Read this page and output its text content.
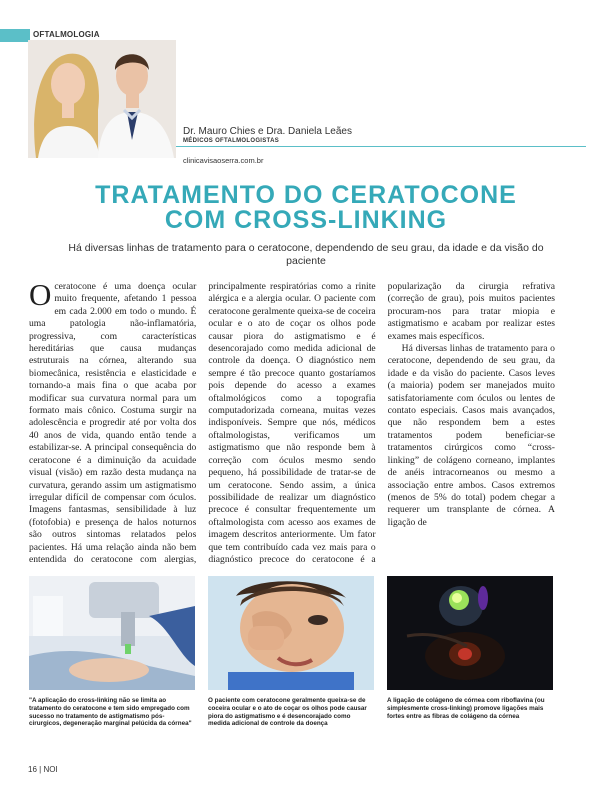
OFTALMOLOGIA
Dr. Mauro Chies e Dra. Daniela Leães
MÉDICOS OFTALMOLOGISTAS
clinicavisaoserra.com.br
TRATAMENTO DO CERATOCONE
COM CROSS-LINKING

Há diversas linhas de tratamento para o ceratocone, dependendo de seu grau, da idade e da visão do paciente

Oceratocone é uma doença ocular muito frequente, afetando 1 pessoa em cada 2.000 em todo o mundo. É uma patologia não-inflamatória, progressiva, com características hereditárias que causa mudanças estruturais na córnea, alterando sua biomecânica, resistência e elasticidade e tornando-a mais fina o que acaba por modificar sua curvatura normal para um formato mais cônico. Costuma surgir na adolescência e progredir até por volta dos 40 anos de vida, quando então tende a estabilizar-se. A principal consequência do ceratocone é a diminuição da acuidade visual (visão) em razão desta mudança na curvatura, gerando assim um astigmatismo irregular difícil de compensar com óculos. Imagens fantasmas, sensibilidade à luz (fotofobia) e presença de halos noturnos são outros sintomas relatados pelos pacientes. Há uma relação ainda não bem entendida do ceratocone com alergias, principalmente respiratórias como a rinite alérgica e a alergia ocular. O paciente com ceratocone geralmente queixa-se de coceira ocular e o ato de coçar os olhos pode causar piora do astigmatismo e é desencorajado como medida adicional de controle da doença. O diagnóstico nem sempre é tão precoce quanto gostaríamos pois depende do acesso a exames oftalmológicos como a topografia computadorizada corneana, muitas vezes indisponíveis. Sempre que nós, médicos oftalmologistas, verificamos um astigmatismo que não responde bem à correção com óculos mesmo sendo pequeno, há possibilidade de tratar-se de um ceratocone. Sendo assim, a única possibilidade de realizar um diagnóstico precoce é consultar frequentemente um oftalmologista com acesso aos exames de imagem descritos anteriormente. Um fator que tem contribuído cada vez mais para o diagnóstico precoce do ceratocone é a popularização da cirurgia refrativa (correção de grau), pois muitos pacientes procuram-nos para tratar miopia e astigmatismo e acabam por realizar estes exames mais específicos.

Há diversas linhas de tratamento para o ceratocone, dependendo de seu grau, da idade e da visão do paciente. Casos leves (a maioria) podem ser manejados muito satisfatoriamente com óculos ou lentes de contato especiais. Casos mais avançados, que não respondem bem a estes tratamentos podem beneficiar-se tratamentos cirúrgicos como “cross-linking” de colágeno corneano, implantes de anéis intracorneanos ou mesmo a associação entre ambos. Casos extremos (menos de 5% do total) podem chegar a requerer um transplante de córnea. A ligação de

"A aplicação do cross-linking não se limita ao tratamento do ceratocone e tem sido empregado com sucesso no tratamento de astigmatismo pós-cirurgicos, degeneração marginal pelúcida da córnea"

O paciente com ceratocone geralmente queixa-se de coceira ocular e o ato de coçar os olhos pode causar piora do astigmatismo e é desencorajado como medida adicional de controle da doença

A ligação de colágeno de córnea com riboflavina (ou simplesmente cross-linking) promove ligações mais fortes entre as fibras de colágeno da córnea

16 | NOI
